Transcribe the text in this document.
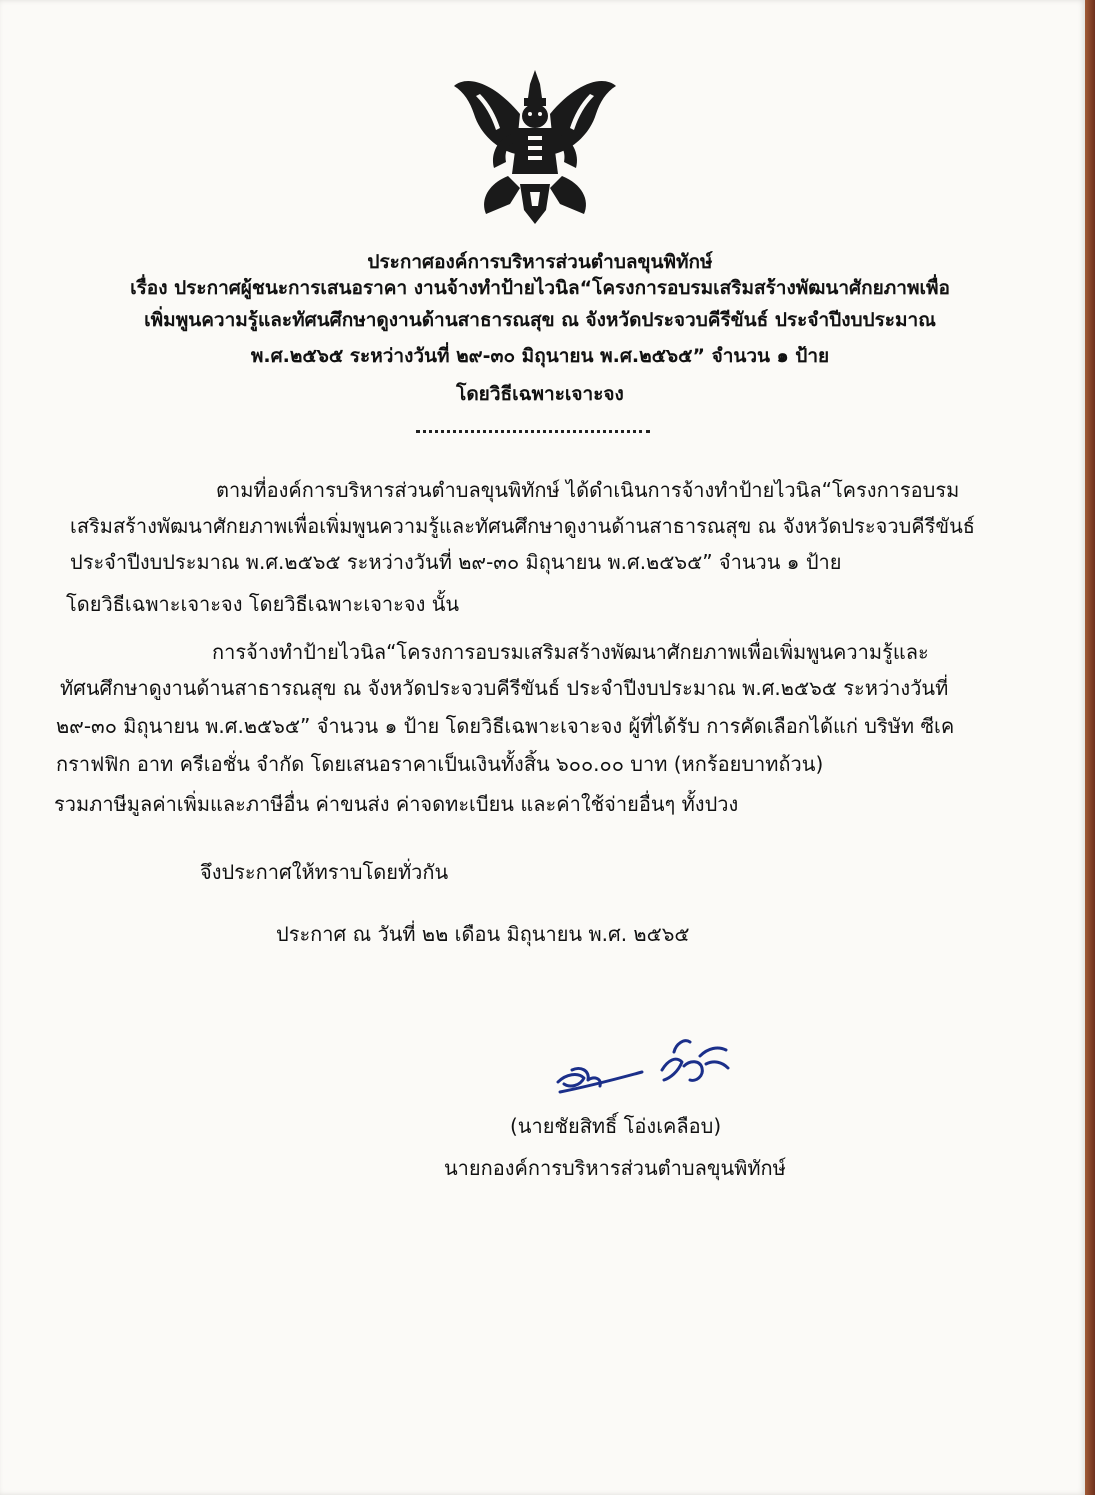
ประกาศองค์การบริหารส่วนตำบลขุนพิทักษ์
เรื่อง ประกาศผู้ชนะการเสนอราคา งานจ้างทำป้ายไวนิล“โครงการอบรมเสริมสร้างพัฒนาศักยภาพเพื่อ
เพิ่มพูนความรู้และทัศนศึกษาดูงานด้านสาธารณสุข ณ จังหวัดประจวบคีรีขันธ์ ประจำปีงบประมาณ
พ.ศ.๒๕๖๕ ระหว่างวันที่ ๒๙-๓๐ มิถุนายน พ.ศ.๒๕๖๕” จำนวน ๑ ป้าย
โดยวิธีเฉพาะเจาะจง
ตามที่องค์การบริหารส่วนตำบลขุนพิทักษ์ ได้ดำเนินการจ้างทำป้ายไวนิล“โครงการอบรม
เสริมสร้างพัฒนาศักยภาพเพื่อเพิ่มพูนความรู้และทัศนศึกษาดูงานด้านสาธารณสุข ณ จังหวัดประจวบคีรีขันธ์
ประจำปีงบประมาณ พ.ศ.๒๕๖๕ ระหว่างวันที่ ๒๙-๓๐ มิถุนายน พ.ศ.๒๕๖๕” จำนวน ๑ ป้าย
โดยวิธีเฉพาะเจาะจง โดยวิธีเฉพาะเจาะจง นั้น
การจ้างทำป้ายไวนิล“โครงการอบรมเสริมสร้างพัฒนาศักยภาพเพื่อเพิ่มพูนความรู้และ
ทัศนศึกษาดูงานด้านสาธารณสุข ณ จังหวัดประจวบคีรีขันธ์ ประจำปีงบประมาณ พ.ศ.๒๕๖๕ ระหว่างวันที่
๒๙-๓๐ มิถุนายน พ.ศ.๒๕๖๕” จำนวน ๑ ป้าย โดยวิธีเฉพาะเจาะจง ผู้ที่ได้รับ การคัดเลือกได้แก่ บริษัท ซีเค
กราฟฟิก อาท ครีเอชั่น จำกัด โดยเสนอราคาเป็นเงินทั้งสิ้น ๖๐๐.๐๐ บาท (หกร้อยบาทถ้วน)
รวมภาษีมูลค่าเพิ่มและภาษีอื่น ค่าขนส่ง ค่าจดทะเบียน และค่าใช้จ่ายอื่นๆ ทั้งปวง
จึงประกาศให้ทราบโดยทั่วกัน
ประกาศ ณ วันที่ ๒๒ เดือน มิถุนายน พ.ศ. ๒๕๖๕
(นายชัยสิทธิ์ โอ่งเคลือบ)
นายกองค์การบริหารส่วนตำบลขุนพิทักษ์
